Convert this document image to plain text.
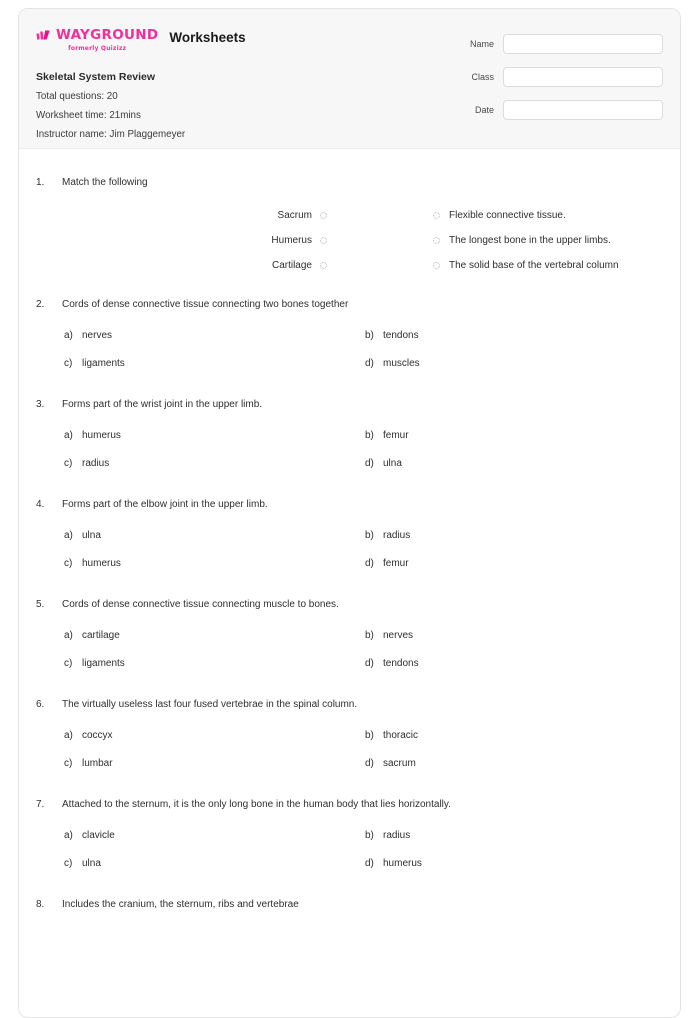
WAYGROUND
formerly Quizizz
Worksheets
Skeletal System Review
Total questions: 20
Worksheet time: 21mins
Instructor name: Jim Plaggemeyer
Name
Class
Date
1.	Match the following
Sacrum	Flexible connective tissue.
Humerus	The longest bone in the upper limbs.
Cartilage	The solid base of the vertebral column
2.	Cords of dense connective tissue connecting two bones together
a) nerves	b) tendons
c) ligaments	d) muscles
3.	Forms part of the wrist joint in the upper limb.
a) humerus	b) femur
c) radius	d) ulna
4.	Forms part of the elbow joint in the upper limb.
a) ulna	b) radius
c) humerus	d) femur
5.	Cords of dense connective tissue connecting muscle to bones.
a) cartilage	b) nerves
c) ligaments	d) tendons
6.	The virtually useless last four fused vertebrae in the spinal column.
a) coccyx	b) thoracic
c) lumbar	d) sacrum
7.	Attached to the sternum, it is the only long bone in the human body that lies horizontally.
a) clavicle	b) radius
c) ulna	d) humerus
8.	Includes the cranium, the sternum, ribs and vertebrae
